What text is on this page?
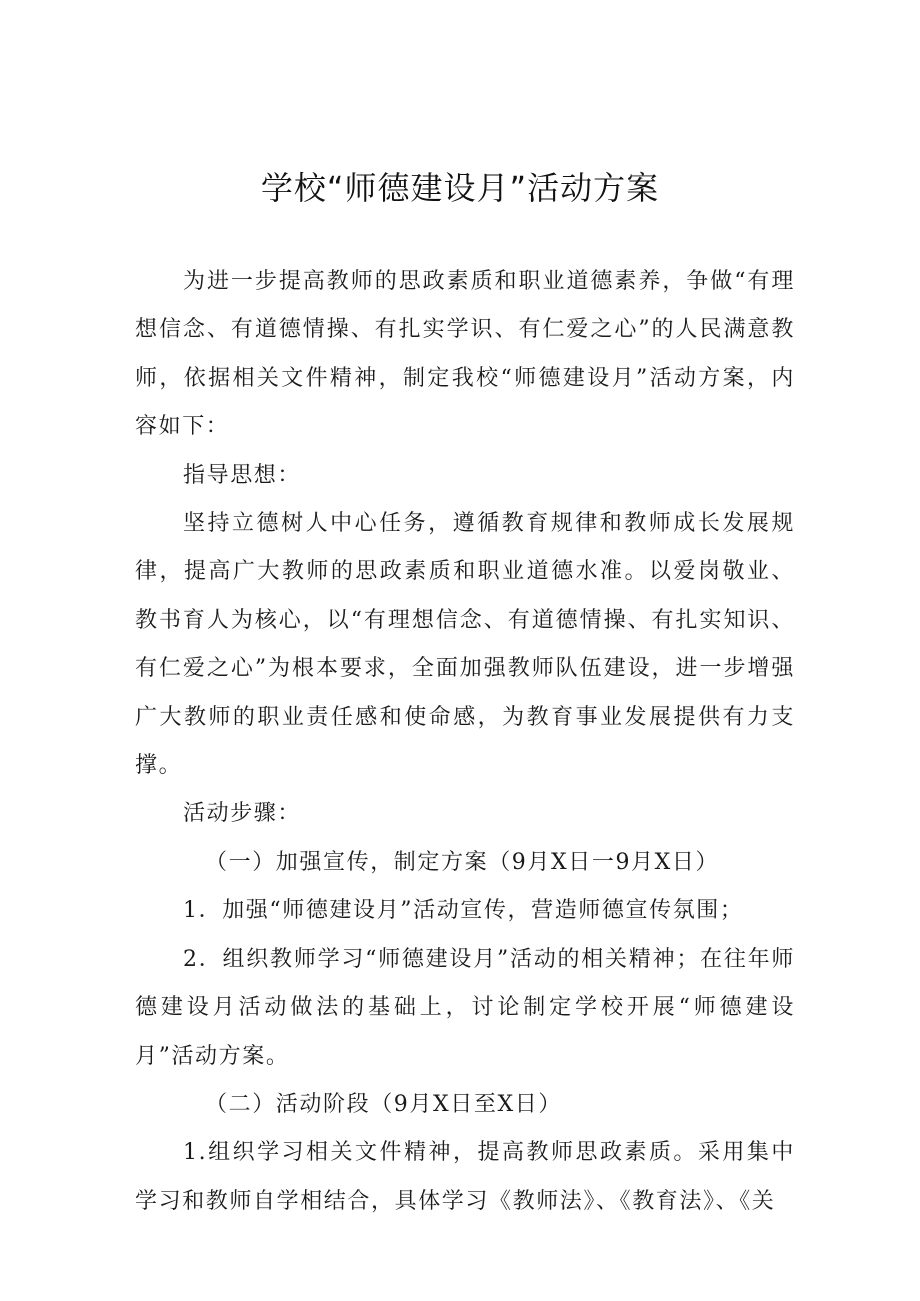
学校“师德建设月”活动方案

为进一步提高教师的思政素质和职业道德素养，争做“有理想信念、有道德情操、有扎实学识、有仁爱之心”的人民满意教师，依据相关文件精神，制定我校“师德建设月”活动方案，内容如下：

指导思想：

坚持立德树人中心任务，遵循教育规律和教师成长发展规律，提高广大教师的思政素质和职业道德水准。以爱岗敬业、教书育人为核心，以“有理想信念、有道德情操、有扎实知识、有仁爱之心”为根本要求，全面加强教师队伍建设，进一步增强广大教师的职业责任感和使命感，为教育事业发展提供有力支撑。

活动步骤：

（一）加强宣传，制定方案（9月X日一9月X日）

1．加强“师德建设月”活动宣传，营造师德宣传氛围；

2．组织教师学习“师德建设月”活动的相关精神；在往年师德建设月活动做法的基础上，讨论制定学校开展“师德建设月”活动方案。

（二）活动阶段（9月X日至X日）

1.组织学习相关文件精神，提高教师思政素质。采用集中学习和教师自学相结合，具体学习《教师法》、《教育法》、《关
